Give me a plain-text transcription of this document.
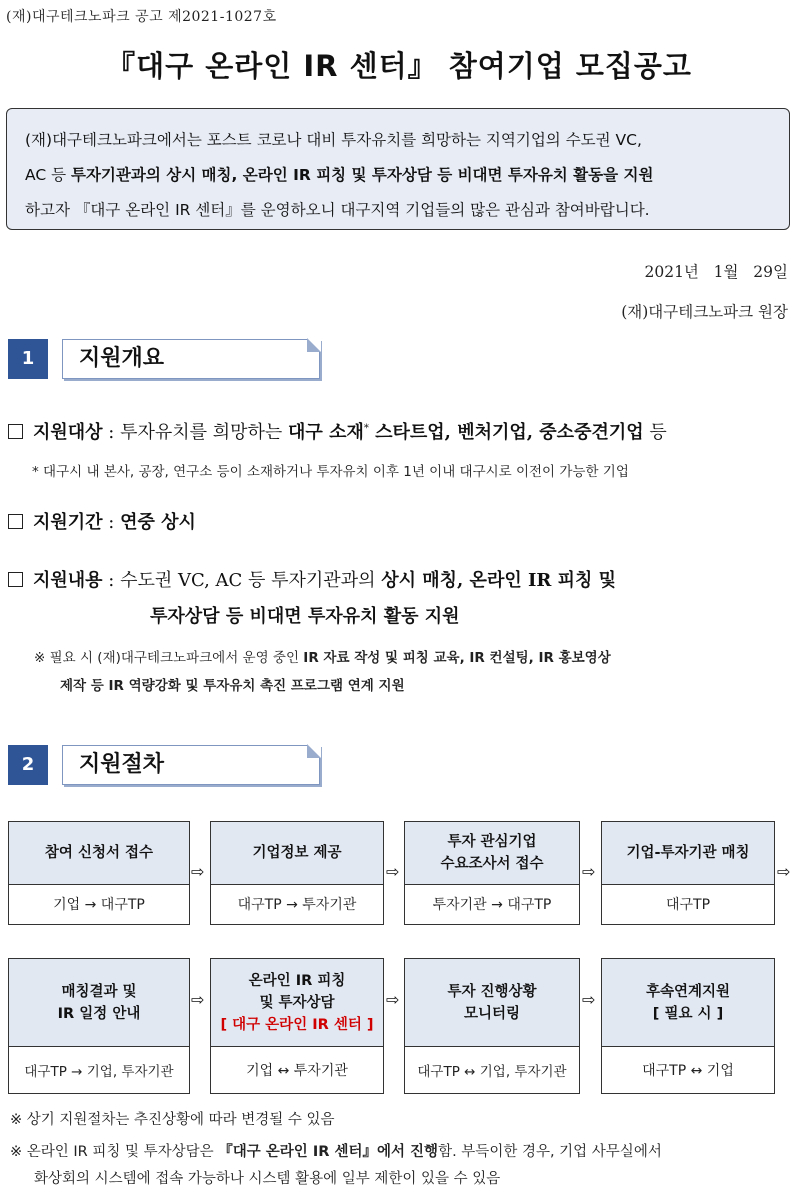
(재)대구테크노파크 공고 제2021-1027호
『대구 온라인 IR 센터』 참여기업 모집공고
(재)대구테크노파크에서는 포스트 코로나 대비 투자유치를 희망하는 지역기업의 수도권 VC,
AC 등 투자기관과의 상시 매칭, 온라인 IR 피칭 및 투자상담 등 비대면 투자유치 활동을 지원
하고자 『대구 온라인 IR 센터』를 운영하오니 대구지역 기업들의 많은 관심과 참여바랍니다.
2021년   1월   29일
(재)대구테크노파크 원장
1	지원개요
지원대상 : 투자유치를 희망하는 대구 소재* 스타트업, 벤처기업, 중소중견기업 등
* 대구시 내 본사, 공장, 연구소 등이 소재하거나 투자유치 이후 1년 이내 대구시로 이전이 가능한 기업
지원기간 : 연중 상시
지원내용 : 수도권 VC, AC 등 투자기관과의 상시 매칭, 온라인 IR 피칭 및
투자상담 등 비대면 투자유치 활동 지원
※ 필요 시 (재)대구테크노파크에서 운영 중인 IR 자료 작성 및 피칭 교육, IR 컨설팅, IR 홍보영상
제작 등 IR 역량강화 및 투자유치 촉진 프로그램 연계 지원
2	지원절차
참여 신청서 접수
기업 → 대구TP
⇨
기업정보 제공
대구TP → 투자기관
⇨
투자 관심기업
수요조사서 접수
투자기관 → 대구TP
⇨
기업-투자기관 매칭
대구TP
⇨
매칭결과 및
IR 일정 안내
대구TP → 기업, 투자기관
⇨
온라인 IR 피칭
및 투자상담
[ 대구 온라인 IR 센터 ]
기업 ↔ 투자기관
⇨	투자 진행상황
모니터링
대구TP ↔ 기업, 투자기관
⇨	후속연계지원
[ 필요 시 ]
대구TP ↔ 기업
※ 상기 지원절차는 추진상황에 따라 변경될 수 있음
※ 온라인 IR 피칭 및 투자상담은 『대구 온라인 IR 센터』에서 진행함. 부득이한 경우, 기업 사무실에서
화상회의 시스템에 접속 가능하나 시스템 활용에 일부 제한이 있을 수 있음
